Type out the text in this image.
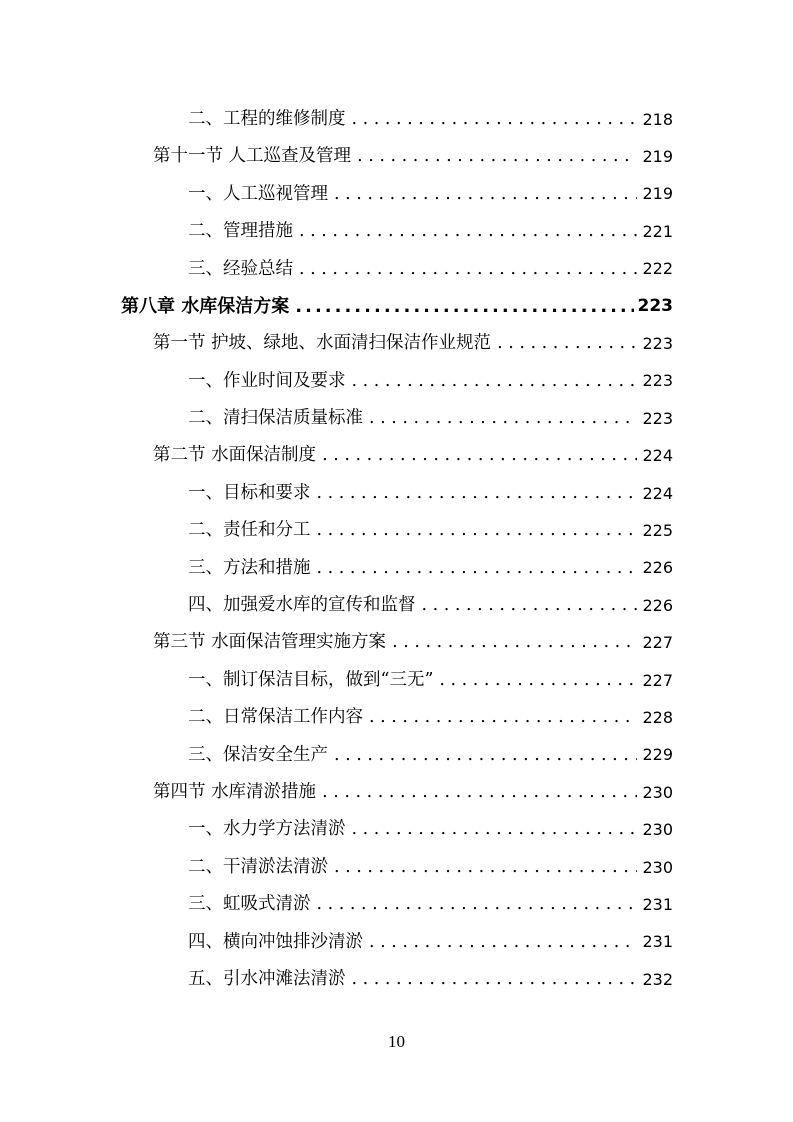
二、工程的维修制度 . . .	218
第十一节 人工巡查及管理 . . .	219
一、人工巡视管理 . . .	219
二、管理措施 . . .	221
三、经验总结 . . .	222
第八章 水库保洁方案 .....	223
第一节 护坡、绿地、水面清扫保洁作业规范 . . .	223
一、作业时间及要求 . . .	223
二、清扫保洁质量标准 . . .	223
第二节 水面保洁制度 . . .	224
一、目标和要求 . . .	224
二、责任和分工 . . .	225
三、方法和措施 . . .	226
四、加强爱水库的宣传和监督 . . .	226
第三节 水面保洁管理实施方案 . . .	227
一、制订保洁目标，做到“三无” . . .	227
二、日常保洁工作内容 . . .	228
三、保洁安全生产 . . .	229
第四节 水库清淤措施 . . .	230
一、水力学方法清淤 . . .	230
二、干清淤法清淤 . . .	230
三、虹吸式清淤 . . .	231
四、横向冲蚀排沙清淤 . . .	231
五、引水冲滩法清淤 . . .	232
10
